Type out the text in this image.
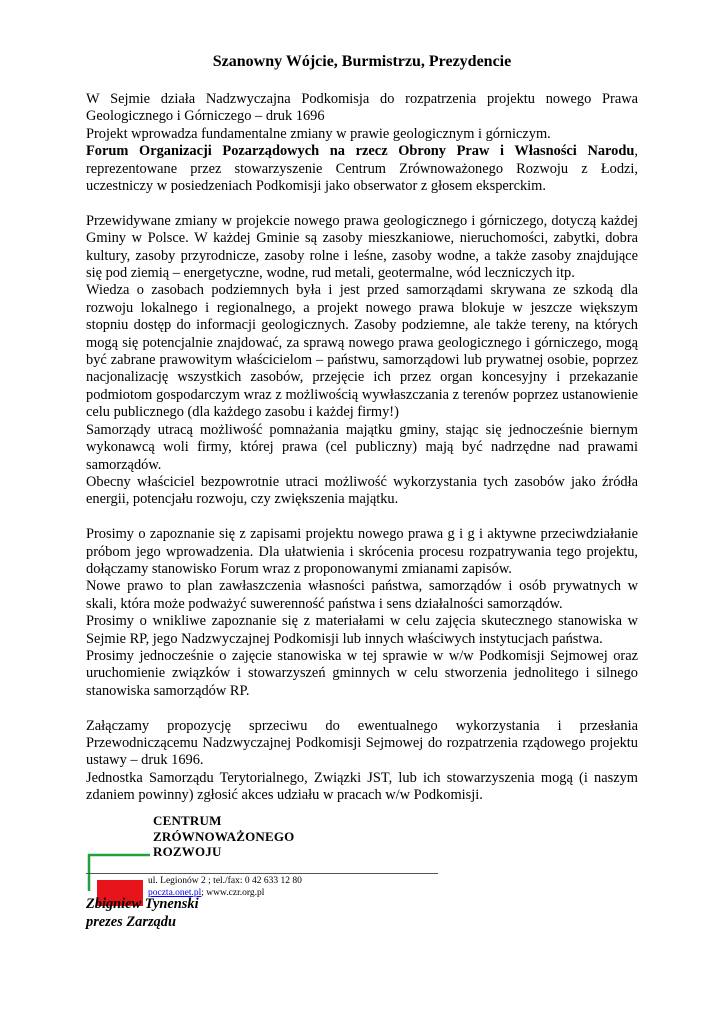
Szanowny Wójcie, Burmistrzu, Prezydencie

W Sejmie działa Nadzwyczajna Podkomisja do rozpatrzenia projektu nowego Prawa Geologicznego i Górniczego – druk 1696

Projekt wprowadza fundamentalne zmiany w prawie geologicznym i górniczym.

Forum Organizacji Pozarządowych na rzecz Obrony Praw i Własności Narodu, reprezentowane przez stowarzyszenie Centrum Zrównoważonego Rozwoju z Łodzi, uczestniczy w posiedzeniach Podkomisji jako obserwator z głosem eksperckim.

Przewidywane zmiany w projekcie nowego prawa geologicznego i górniczego, dotyczą każdej Gminy w Polsce. W każdej Gminie są zasoby mieszkaniowe, nieruchomości, zabytki, dobra kultury, zasoby przyrodnicze, zasoby rolne i leśne, zasoby wodne, a także zasoby znajdujące się pod ziemią – energetyczne, wodne, rud metali, geotermalne, wód leczniczych itp.

Wiedza o zasobach podziemnych była i jest przed samorządami skrywana ze szkodą dla rozwoju lokalnego i regionalnego, a projekt nowego prawa blokuje w jeszcze większym stopniu dostęp do informacji geologicznych. Zasoby podziemne, ale także tereny, na których mogą się potencjalnie znajdować, za sprawą nowego prawa geologicznego i górniczego, mogą być zabrane prawowitym właścicielom – państwu, samorządowi lub prywatnej osobie, poprzez nacjonalizację wszystkich zasobów, przejęcie ich przez organ koncesyjny i przekazanie podmiotom gospodarczym wraz z możliwością wywłaszczania z terenów poprzez ustanowienie celu publicznego (dla każdego zasobu i każdej firmy!)

Samorządy utracą możliwość pomnażania majątku gminy, stając się jednocześnie biernym wykonawcą woli firmy, której prawa (cel publiczny) mają być nadrzędne nad prawami samorządów.

Obecny właściciel bezpowrotnie utraci możliwość wykorzystania tych zasobów jako źródła energii, potencjału rozwoju, czy zwiększenia majątku.

Prosimy o zapoznanie się z zapisami projektu nowego prawa g i g i aktywne przeciwdziałanie próbom jego wprowadzenia. Dla ułatwienia i skrócenia procesu rozpatrywania tego projektu, dołączamy stanowisko Forum wraz z proponowanymi zmianami zapisów.

Nowe prawo to plan zawłaszczenia własności państwa, samorządów i osób prywatnych w skali, która może podważyć suwerenność państwa i sens działalności samorządów.

Prosimy o wnikliwe zapoznanie się z materiałami w celu zajęcia skutecznego stanowiska w Sejmie RP, jego Nadzwyczajnej Podkomisji lub innych właściwych instytucjach państwa.

Prosimy jednocześnie o zajęcie stanowiska w tej sprawie w w/w Podkomisji Sejmowej oraz uruchomienie związków i stowarzyszeń gminnych w celu stworzenia jednolitego i silnego stanowiska samorządów RP.

Załączamy propozycję sprzeciwu do ewentualnego wykorzystania i przesłania Przewodniczącemu Nadzwyczajnej Podkomisji Sejmowej do rozpatrzenia rządowego projektu ustawy – druk 1696.

Jednostka Samorządu Terytorialnego, Związki JST, lub ich stowarzyszenia mogą (i naszym zdaniem powinny) zgłosić akces udziału w pracach w/w Podkomisji.

CENTRUM
ZRÓWNOWAŻONEGO
ROZWOJU
ul. Legionów 2 ; tel./fax: 0 42 633 12 80
poczta.onet.pl; www.czr.org.pl
Zbigniew Tynenski
prezes Zarządu
